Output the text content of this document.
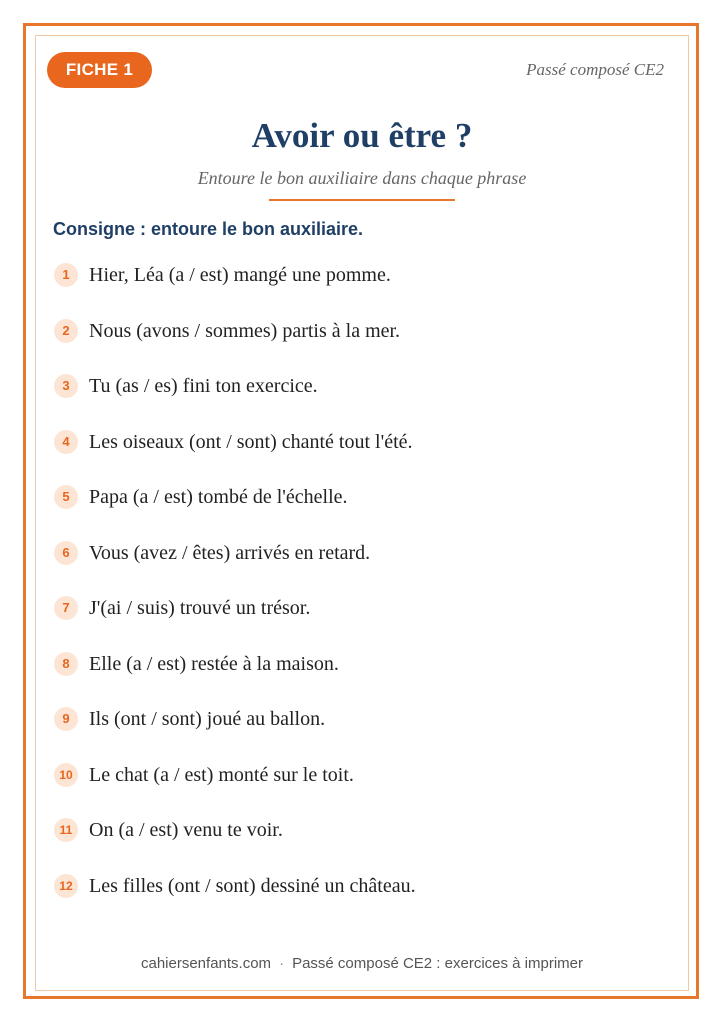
FICHE 1	Passé composé CE2
Avoir ou être ?
Entoure le bon auxiliaire dans chaque phrase
Consigne : entoure le bon auxiliaire.
1 Hier, Léa (a / est) mangé une pomme.
2 Nous (avons / sommes) partis à la mer.
3 Tu (as / es) fini ton exercice.
4 Les oiseaux (ont / sont) chanté tout l'été.
5 Papa (a / est) tombé de l'échelle.
6 Vous (avez / êtes) arrivés en retard.
7 J'(ai / suis) trouvé un trésor.
8 Elle (a / est) restée à la maison.
9 Ils (ont / sont) joué au ballon.
10 Le chat (a / est) monté sur le toit.
11 On (a / est) venu te voir.
12 Les filles (ont / sont) dessiné un château.
cahiersenfants.com · Passé composé CE2 : exercices à imprimer
